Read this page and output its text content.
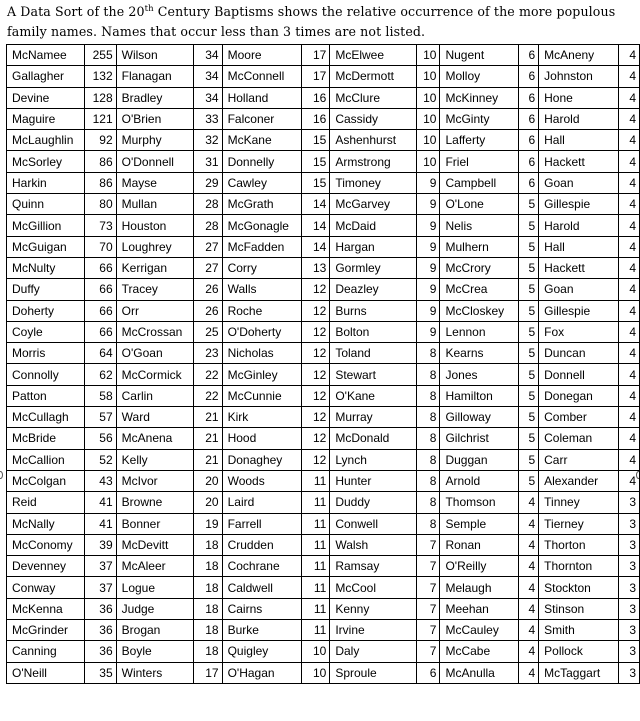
A Data Sort of the 20th Century Baptisms shows the relative occurrence of the more populous family names. Names that occur less than 3 times are not listed.
McNamee	255	Wilson	34	Moore	17	McElwee	10	Nugent	6	McAneny	4
Gallagher	132	Flanagan	34	McConnell	17	McDermott	10	Molloy	6	Johnston	4
Devine	128	Bradley	34	Holland	16	McClure	10	McKinney	6	Hone	4
Maguire	121	O'Brien	33	Falconer	16	Cassidy	10	McGinty	6	Harold	4
McLaughlin	92	Murphy	32	McKane	15	Ashenhurst	10	Lafferty	6	Hall	4
McSorley	86	O'Donnell	31	Donnelly	15	Armstrong	10	Friel	6	Hackett	4
Harkin	86	Mayse	29	Cawley	15	Timoney	9	Campbell	6	Goan	4
Quinn	80	Mullan	28	McGrath	14	McGarvey	9	O'Lone	5	Gillespie	4
McGillion	73	Houston	28	McGonagle	14	McDaid	9	Nelis	5	Harold	4
McGuigan	70	Loughrey	27	McFadden	14	Hargan	9	Mulhern	5	Hall	4
McNulty	66	Kerrigan	27	Corry	13	Gormley	9	McCrory	5	Hackett	4
Duffy	66	Tracey	26	Walls	12	Deazley	9	McCrea	5	Goan	4
Doherty	66	Orr	26	Roche	12	Burns	9	McCloskey	5	Gillespie	4
Coyle	66	McCrossan	25	O'Doherty	12	Bolton	9	Lennon	5	Fox	4
Morris	64	O'Goan	23	Nicholas	12	Toland	8	Kearns	5	Duncan	4
Connolly	62	McCormick	22	McGinley	12	Stewart	8	Jones	5	Donnell	4
Patton	58	Carlin	22	McCunnie	12	O'Kane	8	Hamilton	5	Donegan	4
McCullagh	57	Ward	21	Kirk	12	Murray	8	Gilloway	5	Comber	4
McBride	56	McAnena	21	Hood	12	McDonald	8	Gilchrist	5	Coleman	4
McCallion	52	Kelly	21	Donaghey	12	Lynch	8	Duggan	5	Carr	4
McColgan	43	McIvor	20	Woods	11	Hunter	8	Arnold	5	Alexander	4
Reid	41	Browne	20	Laird	11	Duddy	8	Thomson	4	Tinney	3
McNally	41	Bonner	19	Farrell	11	Conwell	8	Semple	4	Tierney	3
McConomy	39	McDevitt	18	Crudden	11	Walsh	7	Ronan	4	Thorton	3
Devenney	37	McAleer	18	Cochrane	11	Ramsay	7	O'Reilly	4	Thornton	3
Conway	37	Logue	18	Caldwell	11	McCool	7	Melaugh	4	Stockton	3
McKenna	36	Judge	18	Cairns	11	Kenny	7	Meehan	4	Stinson	3
McGrinder	36	Brogan	18	Burke	11	Irvine	7	McCauley	4	Smith	3
Canning	36	Boyle	18	Quigley	10	Daly	7	McCabe	4	Pollock	3
O'Neill	35	Winters	17	O'Hagan	10	Sproule	6	McAnulla	4	McTaggart	3
